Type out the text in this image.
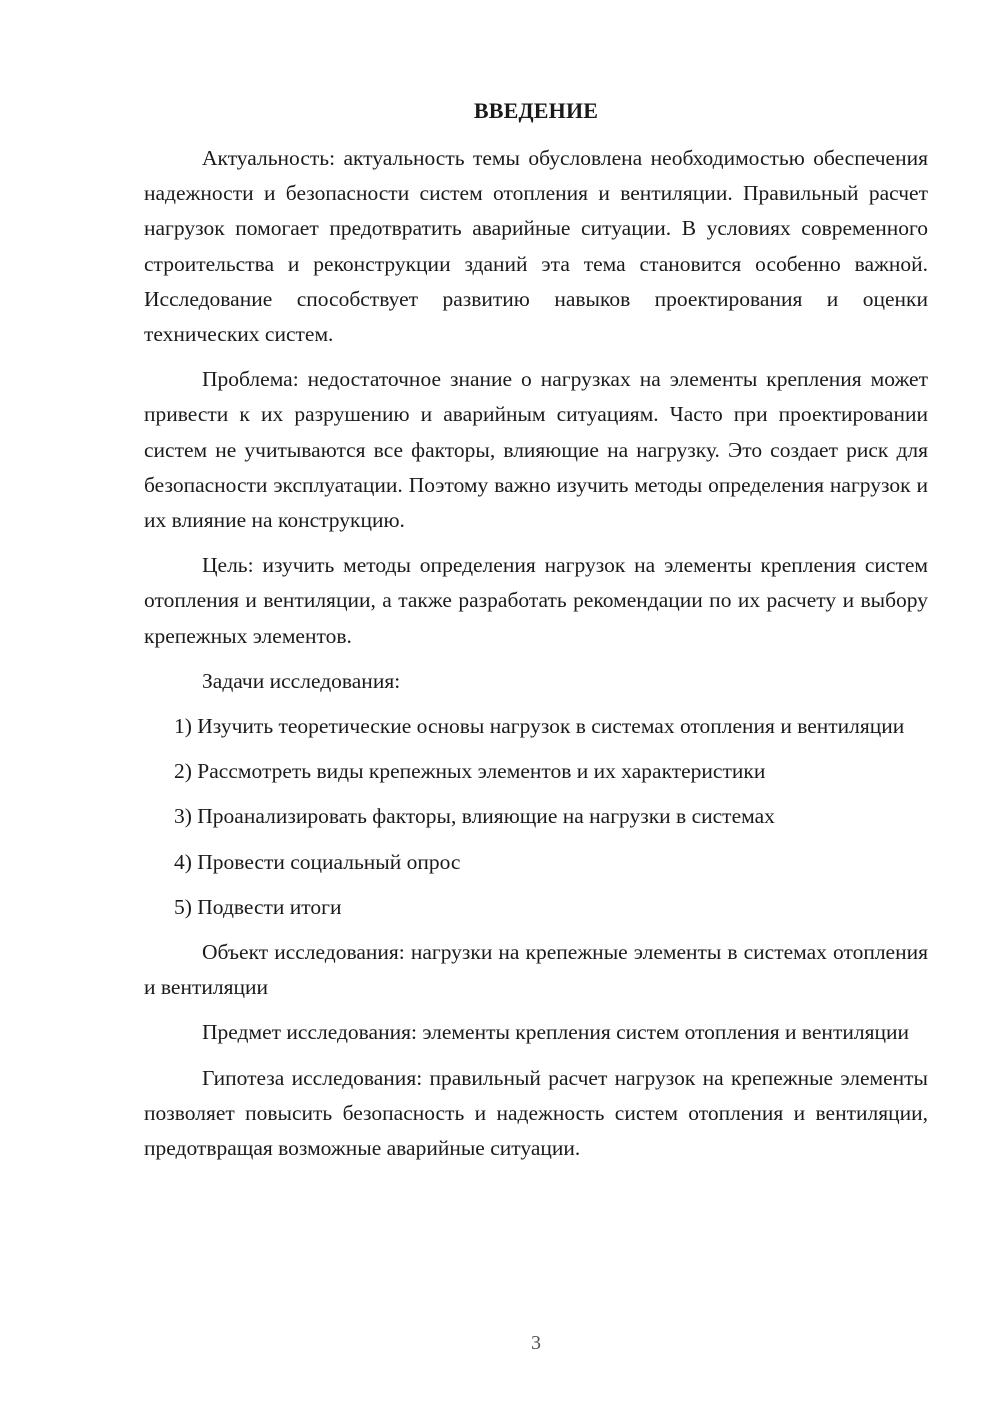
ВВЕДЕНИЕ

Актуальность: актуальность темы обусловлена необходимостью обеспечения надежности и безопасности систем отопления и вентиляции. Правильный расчет нагрузок помогает предотвратить аварийные ситуации. В условиях современного строительства и реконструкции зданий эта тема становится особенно важной. Исследование способствует развитию навыков проектирования и оценки технических систем.

Проблема: недостаточное знание о нагрузках на элементы крепления может привести к их разрушению и аварийным ситуациям. Часто при проектировании систем не учитываются все факторы, влияющие на нагрузку. Это создает риск для безопасности эксплуатации. Поэтому важно изучить методы определения нагрузок и их влияние на конструкцию.

Цель: изучить методы определения нагрузок на элементы крепления систем отопления и вентиляции, а также разработать рекомендации по их расчету и выбору крепежных элементов.

Задачи исследования:

1) Изучить теоретические основы нагрузок в системах отопления и вентиляции

2) Рассмотреть виды крепежных элементов и их характеристики

3) Проанализировать факторы, влияющие на нагрузки в системах

4) Провести социальный опрос

5) Подвести итоги

Объект исследования: нагрузки на крепежные элементы в системах отопления и вентиляции

Предмет исследования: элементы крепления систем отопления и вентиляции

Гипотеза исследования: правильный расчет нагрузок на крепежные элементы позволяет повысить безопасность и надежность систем отопления и вентиляции, предотвращая возможные аварийные ситуации.

3
